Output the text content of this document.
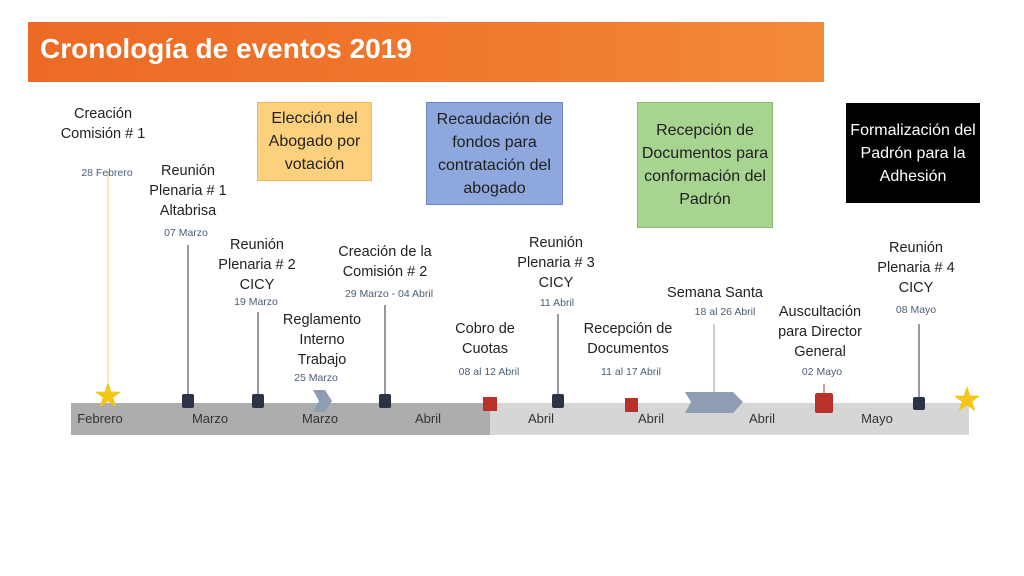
Cronología de eventos 2019
Elección del Abogado por votación
Recaudación de fondos para contratación del abogado
Recepción de Documentos para conformación del Padrón
Formalización del Padrón para la Adhesión
Febrero	Marzo	Marzo	Abril	Abril	Abril	Abril	Mayo
Creación Comisión # 1
28 Febrero	Reunión Plenaria # 1 Altabrisa
07 Marzo
Reunión Plenaria # 2 CICY
19 Marzo
Reglamento Interno Trabajo
25 Marzo
Creación de la Comisión # 2
29 Marzo - 04 Abril
Cobro de Cuotas
08 al 12 Abril
Reunión Plenaria # 3 CICY
11 Abril
Recepción de Documentos
11 al 17 Abril
Semana Santa
18 al 26 Abril	Auscultación para Director General
02 Mayo
Reunión Plenaria # 4 CICY
08 Mayo
